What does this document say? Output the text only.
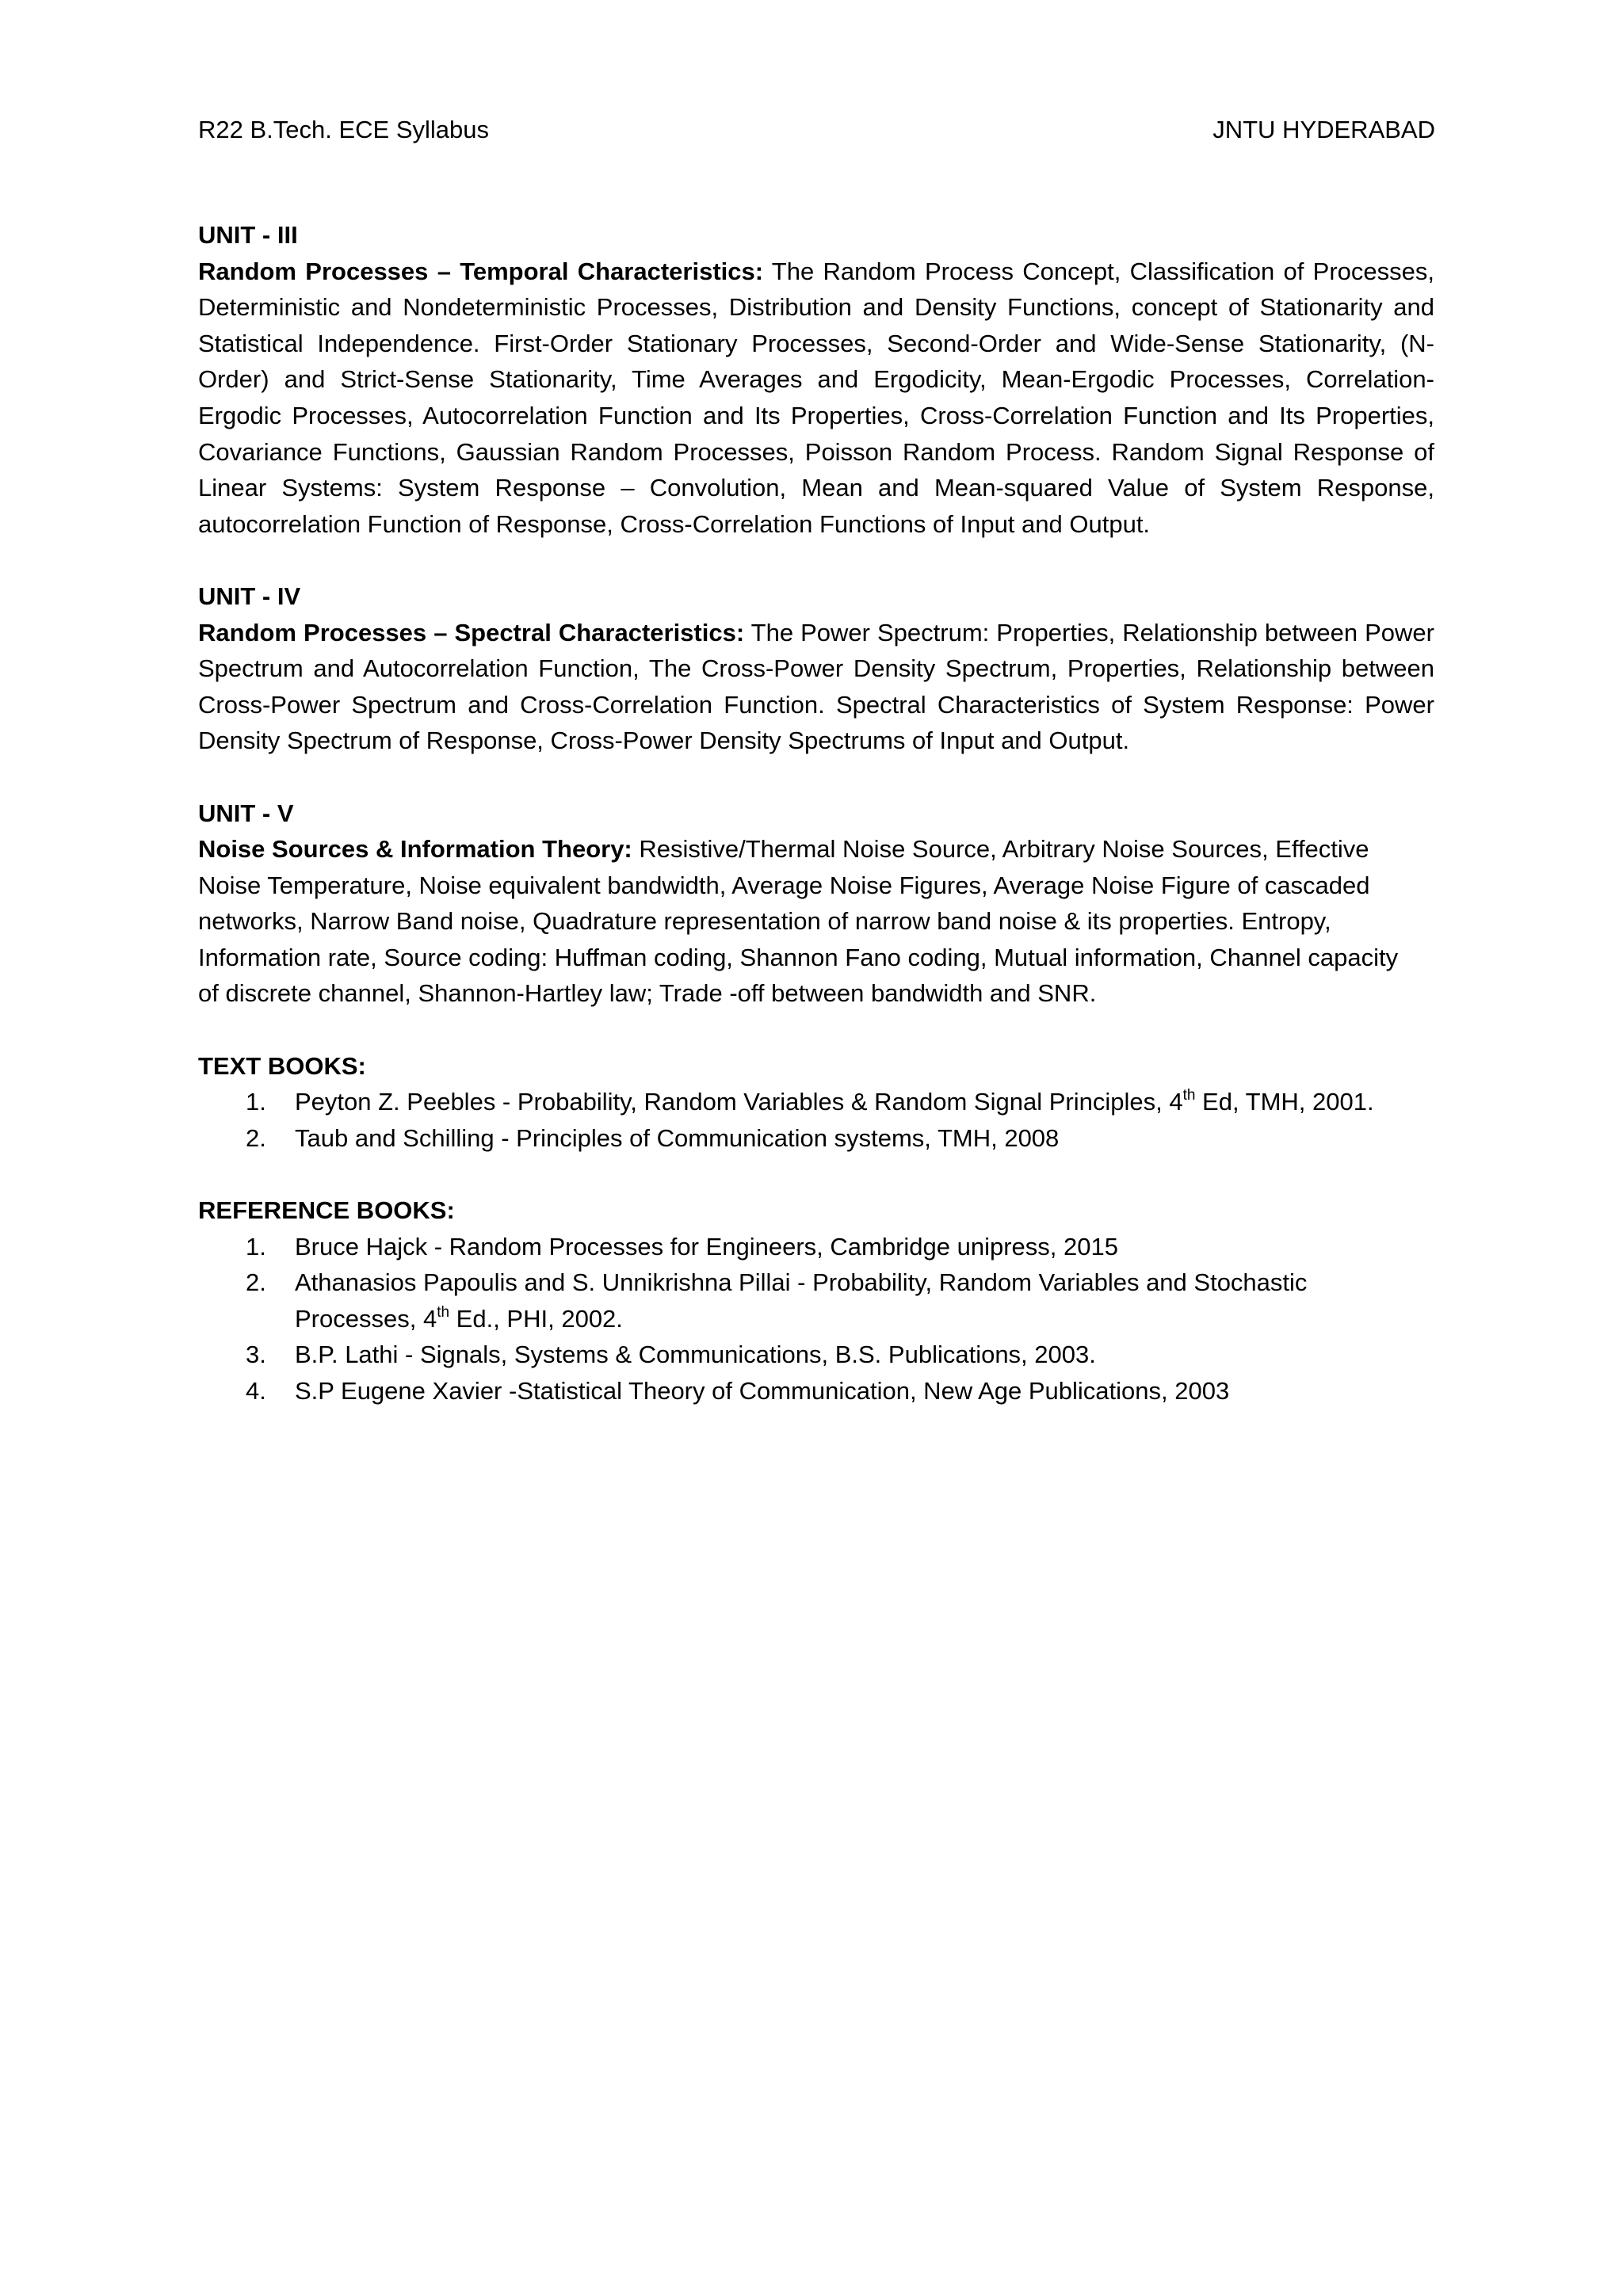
R22 B.Tech. ECE Syllabus	JNTU HYDERABAD

UNIT - III

Random Processes – Temporal Characteristics: The Random Process Concept, Classification of Processes, Deterministic and Nondeterministic Processes, Distribution and Density Functions, concept of Stationarity and Statistical Independence. First-Order Stationary Processes, Second-Order and Wide-Sense Stationarity, (N-Order) and Strict-Sense Stationarity, Time Averages and Ergodicity, Mean-Ergodic Processes, Correlation-Ergodic Processes, Autocorrelation Function and Its Properties, Cross-Correlation Function and Its Properties, Covariance Functions, Gaussian Random Processes, Poisson Random Process. Random Signal Response of Linear Systems: System Response – Convolution, Mean and Mean-squared Value of System Response, autocorrelation Function of Response, Cross-Correlation Functions of Input and Output.

UNIT - IV

Random Processes – Spectral Characteristics: The Power Spectrum: Properties, Relationship between Power Spectrum and Autocorrelation Function, The Cross-Power Density Spectrum, Properties, Relationship between Cross-Power Spectrum and Cross-Correlation Function. Spectral Characteristics of System Response: Power Density Spectrum of Response, Cross-Power Density Spectrums of Input and Output.

UNIT - V

Noise Sources & Information Theory: Resistive/Thermal Noise Source, Arbitrary Noise Sources, Effective Noise Temperature, Noise equivalent bandwidth, Average Noise Figures, Average Noise Figure of cascaded networks, Narrow Band noise, Quadrature representation of narrow band noise & its properties. Entropy, Information rate, Source coding: Huffman coding, Shannon Fano coding, Mutual information, Channel capacity of discrete channel, Shannon-Hartley law; Trade -off between bandwidth and SNR.

TEXT BOOKS:

1. Peyton Z. Peebles - Probability, Random Variables & Random Signal Principles, 4th Ed, TMH, 2001.
2. Taub and Schilling - Principles of Communication systems, TMH, 2008

REFERENCE BOOKS:

1. Bruce Hajck - Random Processes for Engineers, Cambridge unipress, 2015
2. Athanasios Papoulis and S. Unnikrishna Pillai - Probability, Random Variables and Stochastic Processes, 4th Ed., PHI, 2002.
3. B.P. Lathi - Signals, Systems & Communications, B.S. Publications, 2003.
4. S.P Eugene Xavier -Statistical Theory of Communication, New Age Publications, 2003
